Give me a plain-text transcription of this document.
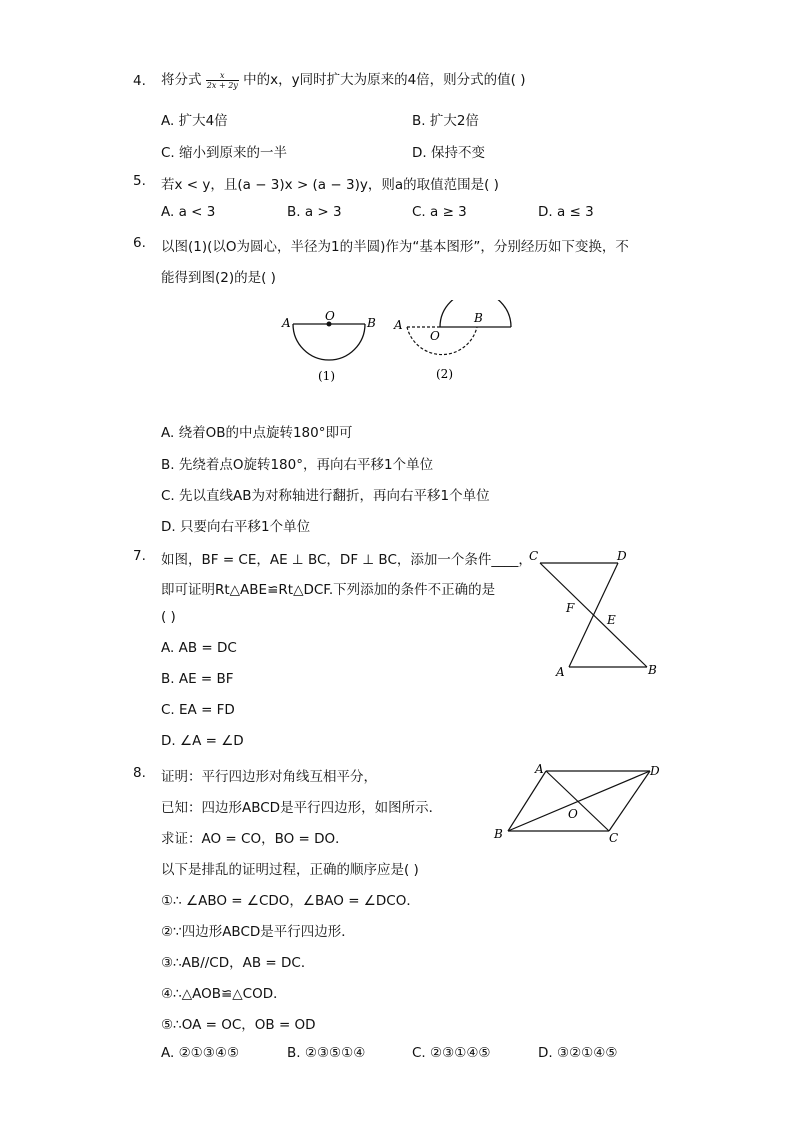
4. 将分式 $\frac{x}{2x + 2y}$ 中的x，y同时扩大为原来的4倍，则分式的值( )
A. 扩大4倍	B. 扩大2倍
C. 缩小到原来的一半	D. 保持不变
5. 若x < y，且(a − 3)x > (a − 3)y，则a的取值范围是( )
A. a < 3	B. a > 3	C. a ≥ 3	D. a ≤ 3
6. 以图(1)(以O为圆心，半径为1的半圆)作为“基本图形”，分别经历如下变换，不
能得到图(2)的是( )
A	O	B
(1)
A
O
B
(2)
A. 绕着OB的中点旋转180°即可
B. 先绕着点O旋转180°，再向右平移1个单位
C. 先以直线AB为对称轴进行翻折，再向右平移1个单位
D. 只要向右平移1个单位
7. 如图，BF = CE，AE ⊥ BC，DF ⊥ BC，添加一个条件____，
即可证明Rt△ABE≌Rt△DCF.下列添加的条件不正确的是
( )
C	D
F
E
A	B
A. AB = DC
B. AE = BF
C. EA = FD
D. ∠A = ∠D
8. 证明：平行四边形对角线互相平分，
已知：四边形ABCD是平行四边形，如图所示．
求证：AO = CO，BO = DO．
以下是排乱的证明过程，正确的顺序应是( )
A	D
O
B	C
①∴ ∠ABO = ∠CDO，∠BAO = ∠DCO．
②∵四边形ABCD是平行四边形．
③∴AB//CD，AB = DC．
④∴△AOB≌△COD．
⑤∴OA = OC，OB = OD
A. ②①③④⑤	B. ②③⑤①④	C. ②③①④⑤	D. ③②①④⑤
